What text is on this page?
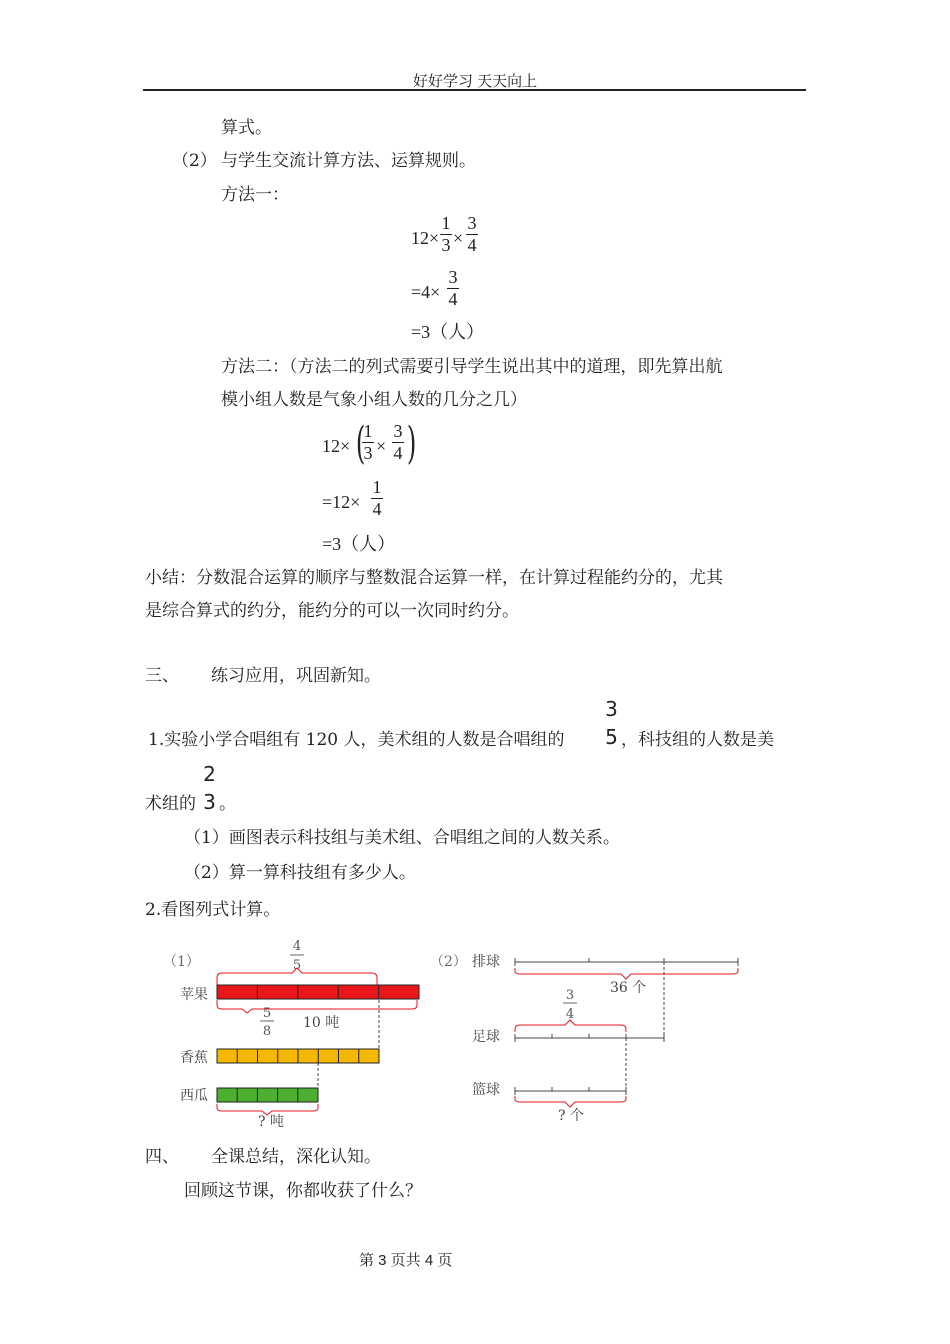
好好学习 天天向上
算式。
（2） 与学生交流计算方法、运算规则。
方法一：
12×
1
3 ×
3
4
=4×
3
4
=3（人）
方法二：（方法二的列式需要引导学生说出其中的道理，即先算出航
模小组人数是气象小组人数的几分之几）
12× (
1
3 ×
3
4 )
=12×
1
4
=3（人）
小结：分数混合运算的顺序与整数混合运算一样，在计算过程能约分的，尤其
是综合算式的约分，能约分的可以一次同时约分。
三、 练习应用，巩固新知。
1.实验小学合唱组有 120 人，美术组的人数是合唱组的
3
5 ，科技组的人数是美
术组的
2
3 。
（1）画图表示科技组与美术组、合唱组之间的人数关系。
（2）算一算科技组有多少人。
2.看图列式计算。
（1）
4
5
苹果
5
8
10 吨
香蕉
西瓜
? 吨
（2） 排球
36 个
3
4
足球
篮球
? 个
四、 全课总结，深化认知。
回顾这节课，你都收获了什么？
第 3 页共 4 页
